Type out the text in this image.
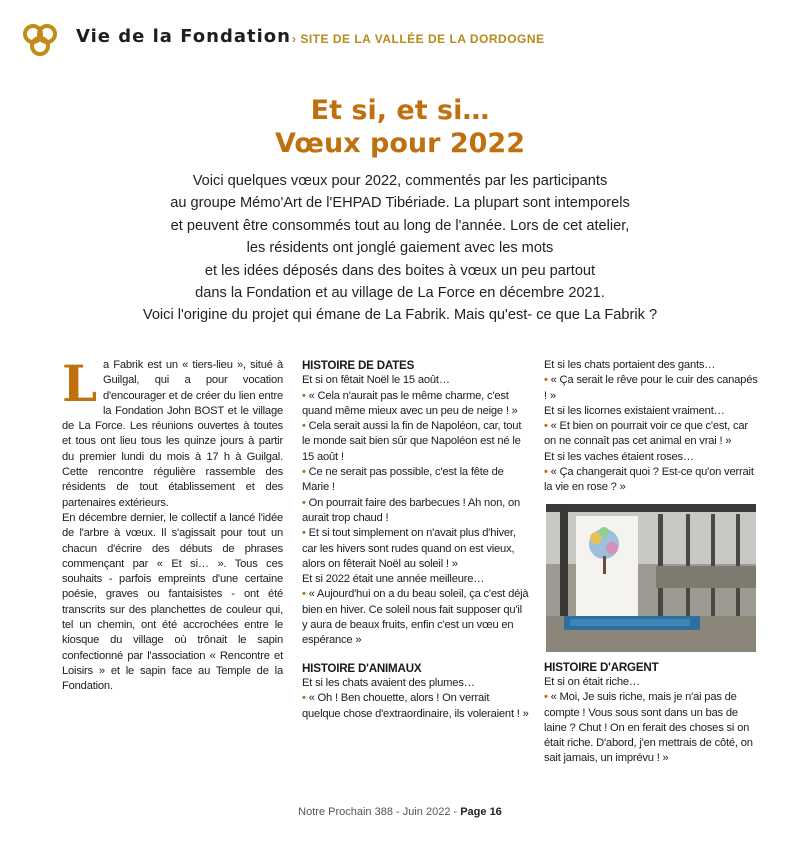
Vie de la Fondation › SITE DE LA VALLÉE DE LA DORDOGNE
Et si, et si…
Vœux pour 2022
Voici quelques vœux pour 2022, commentés par les participants
au groupe Mémo'Art de l'EHPAD Tibériade. La plupart sont intemporels
et peuvent être consommés tout au long de l'année. Lors de cet atelier,
les résidents ont jonglé gaiement avec les mots
et les idées déposés dans des boites à vœux un peu partout
dans la Fondation et au village de La Force en décembre 2021.
Voici l'origine du projet qui émane de La Fabrik. Mais qu'est- ce que La Fabrik ?

La Fabrik est un « tiers-lieu », situé à Guilgal, qui a pour vocation d'encourager et de créer du lien entre la Fondation John BOST et le village de La Force. Les réunions ouvertes à toutes et tous ont lieu tous les quinze jours à partir du premier lundi du mois à 17 h à Guilgal. Cette rencontre régulière rassemble des résidents de tout établissement et des partenaires extérieurs.

En décembre dernier, le collectif a lancé l'idée de l'arbre à vœux. Il s'agissait pour tout un chacun d'écrire des débuts de phrases commençant par « Et si… ». Tous ces souhaits - parfois empreints d'une certaine poésie, graves ou fantaisistes - ont été transcrits sur des planchettes de couleur qui, tel un chemin, ont été accrochées entre le kiosque du village où trônait le sapin confectionné par l'association « Rencontre et Loisirs » et le sapin face au Temple de la Fondation.

HISTOIRE DE DATES

Et si on fêtait Noël le 15 août…

• « Cela n'aurait pas le même charme, c'est quand même mieux avec un peu de neige ! »

• Cela serait aussi la fin de Napoléon, car, tout le monde sait bien sûr que Napoléon est né le 15 août !

• Ce ne serait pas possible, c'est la fête de Marie !

• On pourrait faire des barbecues ! Ah non, on aurait trop chaud !

• Et si tout simplement on n'avait plus d'hiver, car les hivers sont rudes quand on est vieux, alors on fêterait Noël au soleil ! »

Et si 2022 était une année meilleure…

• « Aujourd'hui on a du beau soleil, ça c'est déjà bien en hiver. Ce soleil nous fait supposer qu'il y aura de beaux fruits, enfin c'est un vœu en espérance »

HISTOIRE D'ANIMAUX

Et si les chats avaient des plumes…

• « Oh ! Ben chouette, alors ! On verrait quelque chose d'extraordinaire, ils voleraient ! »

Et si les chats portaient des gants…

• « Ça serait le rêve pour le cuir des canapés ! »

Et si les licornes existaient vraiment…

• « Et bien on pourrait voir ce que c'est, car on ne connaît pas cet animal en vrai ! »

Et si les vaches étaient roses…

• « Ça changerait quoi ? Est-ce qu'on verrait la vie en rose ? »

HISTOIRE D'ARGENT

Et si on était riche…

• « Moi, Je suis riche, mais je n'ai pas de compte ! Vous sous sont dans un bas de laine ? Chut ! On en ferait des choses si on était riche. D'abord, j'en mettrais de côté, on sait jamais, un imprévu ! »

Notre Prochain 388 - Juin 2022 - Page 16
